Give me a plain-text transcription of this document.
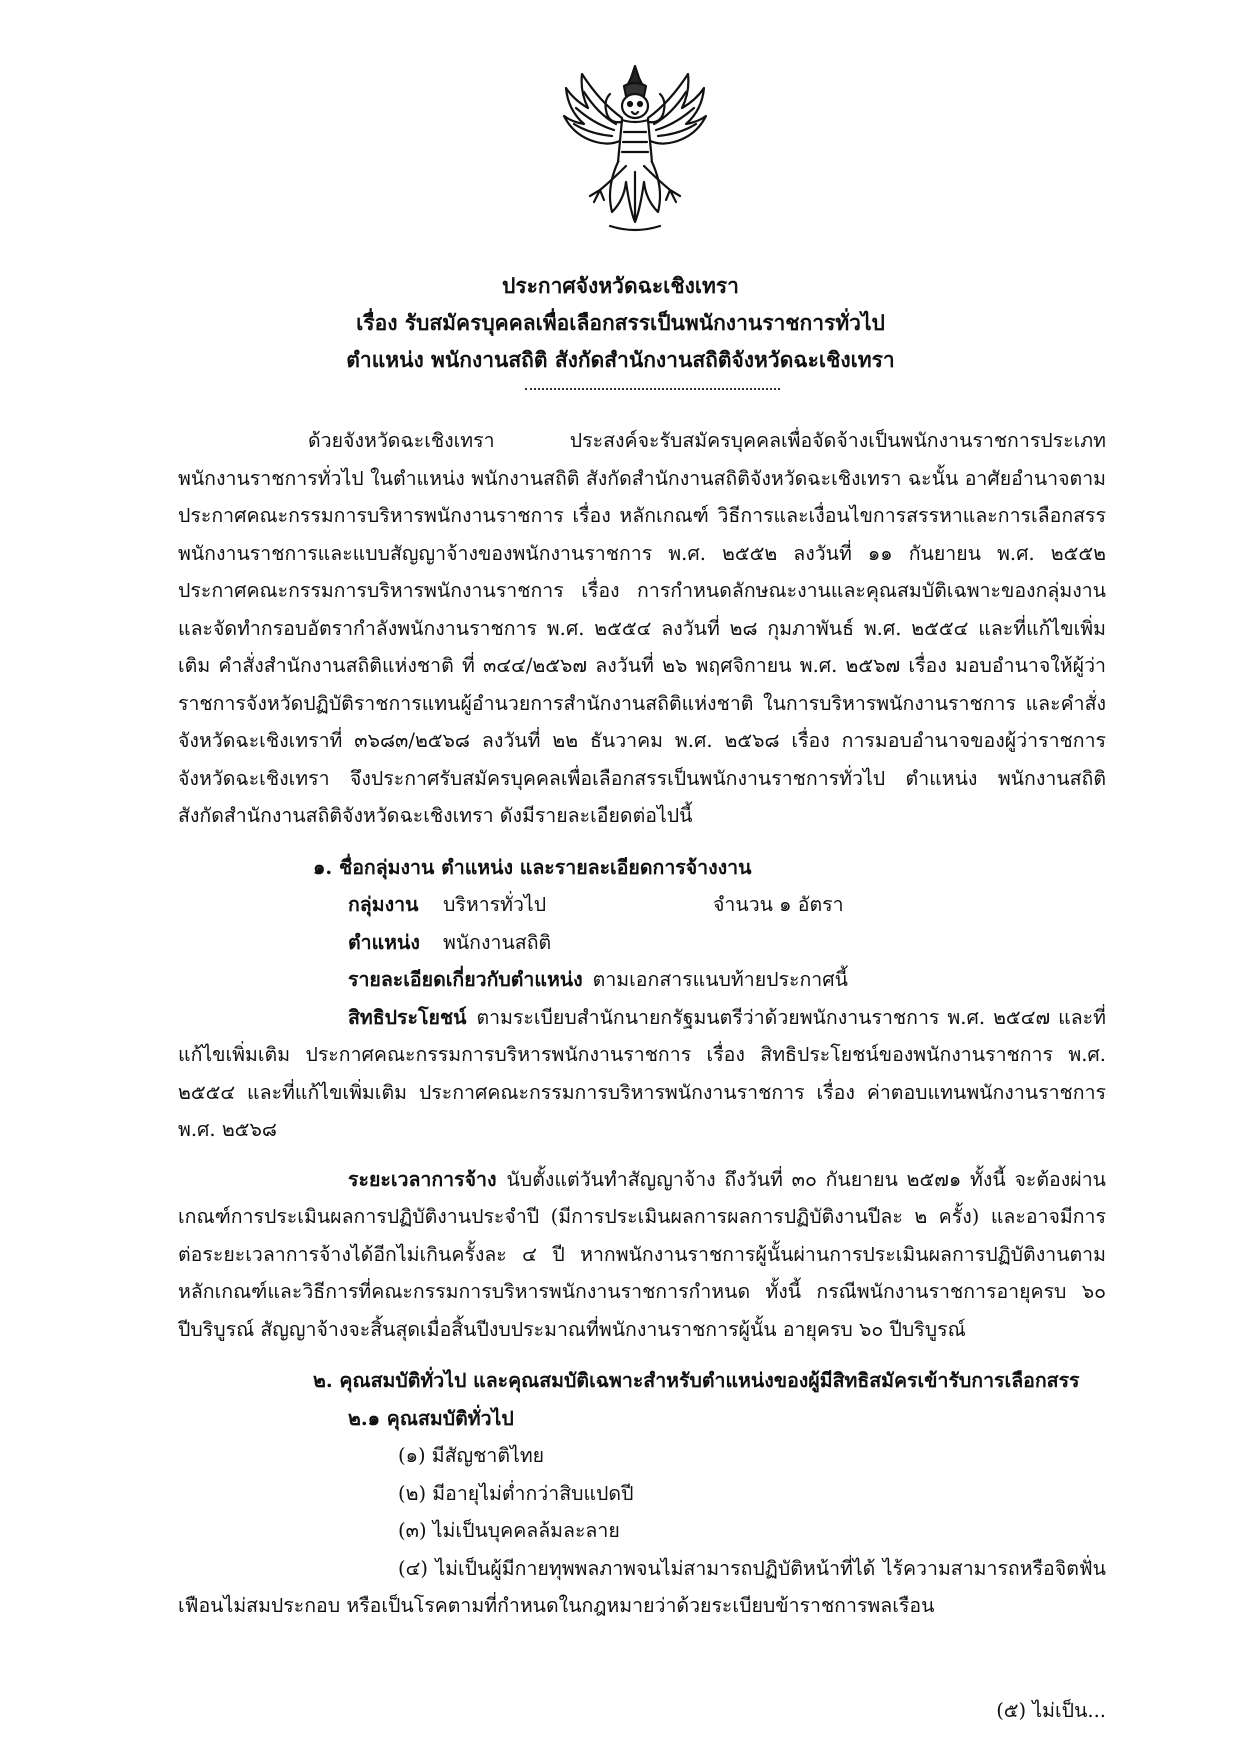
ประกาศจังหวัดฉะเชิงเทรา
เรื่อง รับสมัครบุคคลเพื่อเลือกสรรเป็นพนักงานราชการทั่วไป
ตำแหน่ง พนักงานสถิติ สังกัดสำนักงานสถิติจังหวัดฉะเชิงเทรา

ด้วยจังหวัดฉะเชิงเทรา ประสงค์จะรับสมัครบุคคลเพื่อจัดจ้างเป็นพนักงานราชการประเภทพนักงานราชการทั่วไป ในตำแหน่ง พนักงานสถิติ สังกัดสำนักงานสถิติจังหวัดฉะเชิงเทรา ฉะนั้น อาศัยอำนาจตามประกาศคณะกรรมการบริหารพนักงานราชการ เรื่อง หลักเกณฑ์ วิธีการและเงื่อนไขการสรรหาและการเลือกสรรพนักงานราชการและแบบสัญญาจ้างของพนักงานราชการ พ.ศ. ๒๕๕๒ ลงวันที่ ๑๑ กันยายน พ.ศ. ๒๕๕๒ ประกาศคณะกรรมการบริหารพนักงานราชการ เรื่อง การกำหนดลักษณะงานและคุณสมบัติเฉพาะของกลุ่มงานและจัดทำกรอบอัตรากำลังพนักงานราชการ พ.ศ. ๒๕๕๔ ลงวันที่ ๒๘ กุมภาพันธ์ พ.ศ. ๒๕๕๔ และที่แก้ไขเพิ่มเติม คำสั่งสำนักงานสถิติแห่งชาติ ที่ ๓๔๔/๒๕๖๗ ลงวันที่ ๒๖ พฤศจิกายน พ.ศ. ๒๕๖๗ เรื่อง มอบอำนาจให้ผู้ว่าราชการจังหวัดปฏิบัติราชการแทนผู้อำนวยการสำนักงานสถิติแห่งชาติ ในการบริหารพนักงานราชการ และคำสั่งจังหวัดฉะเชิงเทราที่ ๓๖๘๓/๒๕๖๘ ลงวันที่ ๒๒ ธันวาคม พ.ศ. ๒๕๖๘ เรื่อง การมอบอำนาจของผู้ว่าราชการจังหวัดฉะเชิงเทรา จึงประกาศรับสมัครบุคคลเพื่อเลือกสรรเป็นพนักงานราชการทั่วไป ตำแหน่ง พนักงานสถิติ สังกัดสำนักงานสถิติจังหวัดฉะเชิงเทรา ดังมีรายละเอียดต่อไปนี้

๑. ชื่อกลุ่มงาน ตำแหน่ง และรายละเอียดการจ้างงาน

กลุ่มงาน	บริหารทั่วไป	จำนวน ๑ อัตรา
ตำแหน่ง	พนักงานสถิติ
รายละเอียดเกี่ยวกับตำแหน่ง ตามเอกสารแนบท้ายประกาศนี้

สิทธิประโยชน์ ตามระเบียบสำนักนายกรัฐมนตรีว่าด้วยพนักงานราชการ พ.ศ. ๒๕๔๗ และที่แก้ไขเพิ่มเติม ประกาศคณะกรรมการบริหารพนักงานราชการ เรื่อง สิทธิประโยชน์ของพนักงานราชการ พ.ศ. ๒๕๕๔ และที่แก้ไขเพิ่มเติม ประกาศคณะกรรมการบริหารพนักงานราชการ เรื่อง ค่าตอบแทนพนักงานราชการ พ.ศ. ๒๕๖๘

ระยะเวลาการจ้าง นับตั้งแต่วันทำสัญญาจ้าง ถึงวันที่ ๓๐ กันยายน ๒๕๗๑ ทั้งนี้ จะต้องผ่านเกณฑ์การประเมินผลการปฏิบัติงานประจำปี (มีการประเมินผลการผลการปฏิบัติงานปีละ ๒ ครั้ง) และอาจมีการต่อระยะเวลาการจ้างได้อีกไม่เกินครั้งละ ๔ ปี หากพนักงานราชการผู้นั้นผ่านการประเมินผลการปฏิบัติงานตามหลักเกณฑ์และวิธีการที่คณะกรรมการบริหารพนักงานราชการกำหนด ทั้งนี้ กรณีพนักงานราชการอายุครบ ๖๐ ปีบริบูรณ์ สัญญาจ้างจะสิ้นสุดเมื่อสิ้นปีงบประมาณที่พนักงานราชการผู้นั้น อายุครบ ๖๐ ปีบริบูรณ์

๒. คุณสมบัติทั่วไป และคุณสมบัติเฉพาะสำหรับตำแหน่งของผู้มีสิทธิสมัครเข้ารับการเลือกสรร

๒.๑ คุณสมบัติทั่วไป

(๑) มีสัญชาติไทย

(๒) มีอายุไม่ต่ำกว่าสิบแปดปี

(๓) ไม่เป็นบุคคลล้มละลาย

(๔) ไม่เป็นผู้มีกายทุพพลภาพจนไม่สามารถปฏิบัติหน้าที่ได้ ไร้ความสามารถหรือจิตฟั่นเฟือนไม่สมประกอบ หรือเป็นโรคตามที่กำหนดในกฎหมายว่าด้วยระเบียบข้าราชการพลเรือน

(๕) ไม่เป็น...
